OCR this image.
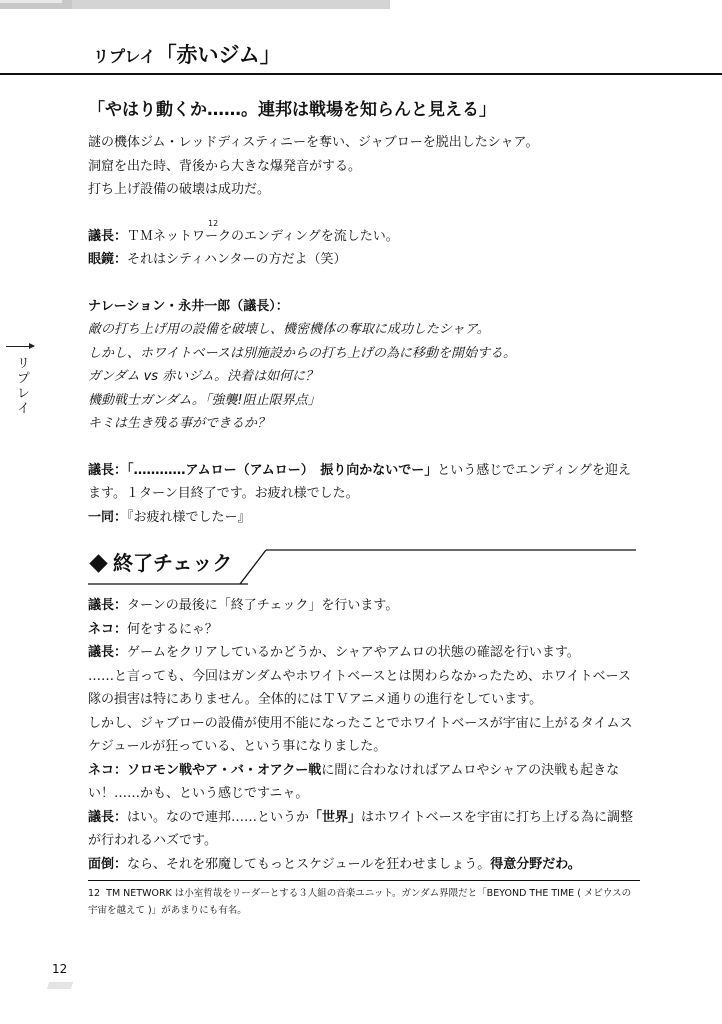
リプレイ「赤いジム」
リプレイ

「やはり動くか……。連邦は戦場を知らんと見える」

謎の機体ジム・レッドディスティニーを奪い、ジャブローを脱出したシャア。

洞窟を出た時、背後から大きな爆発音がする。

打ち上げ設備の破壊は成功だ。

議長：ＴＭネットワー
12
クのエンディングを流したい。

眼鏡：それはシティハンターの方だよ（笑）

ナレーション・永井一郎（議長）：

敵の打ち上げ用の設備を破壊し、機密機体の奪取に成功したシャア。

しかし、ホワイトベースは別施設からの打ち上げの為に移動を開始する。

ガンダム vs 赤いジム。決着は如何に？

機動戦士ガンダム。「強襲!阻止限界点」

キミは生き残る事ができるか？

議長：「…………アムロー（アムロー）　振り向かないでー」という感じでエンディングを迎えます。１ターン目終了です。お疲れ様でした。

一同：『お疲れ様でしたー』

終了チェック

議長：ターンの最後に「終了チェック」を行います。

ネコ：何をするにゃ？

議長：ゲームをクリアしているかどうか、シャアやアムロの状態の確認を行います。

……と言っても、今回はガンダムやホワイトベースとは関わらなかったため、ホワイトベース隊の損害は特にありません。全体的にはＴＶアニメ通りの進行をしています。

しかし、ジャブローの設備が使用不能になったことでホワイトベースが宇宙に上がるタイムスケジュールが狂っている、という事になりました。

ネコ：ソロモン戦やア・バ・オアクー戦に間に合わなければアムロやシャアの決戦も起きない！……かも、という感じですニャ。

議長：はい。なので連邦……というか「世界」はホワイトベースを宇宙に打ち上げる為に調整が行われるハズです。

面倒：なら、それを邪魔してもっとスケジュールを狂わせましょう。得意分野だわ。

12 TM NETWORK は小室哲哉をリーダーとする３人組の音楽ユニット。ガンダム界隈だと「BEYOND THE TIME ( メビウスの宇宙を越えて )」があまりにも有名。
12
